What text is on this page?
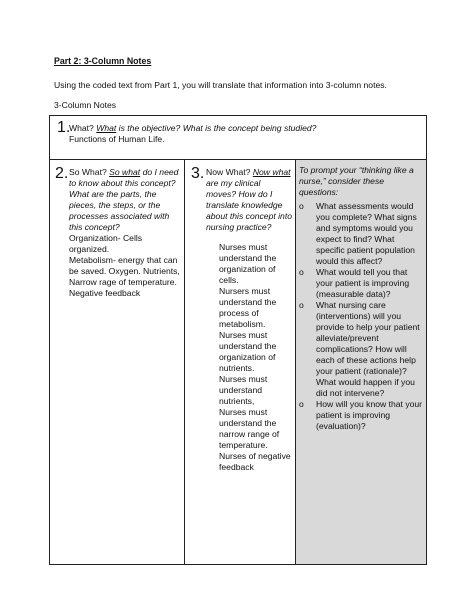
Part 2: 3-Column Notes
Using the coded text from Part 1, you will translate that information into 3-column notes.
3-Column Notes
1.
What? What is the objective? What is the concept being studied?
Functions of Human Life.
2. So What? So what do I need to know about this concept? What are the parts, the pieces, the steps, or the processes associated with this concept?
Organization- Cells organized.
Metabolism- energy that can be saved. Oxygen. Nutrients,
Narrow rage of temperature.
Negative feedback
3. Now What? Now what are my clinical moves? How do I translate knowledge about this concept into nursing practice?
Nurses must understand the organization of cells.
Nursers must understand the process of metabolism.
Nurses must understand the organization of nutrients.
Nurses must understand nutrients,
Nurses must understand the narrow range of temperature.
Nurses of negative feedback
To prompt your “thinking like a nurse,” consider these questions:
o What assessments would you complete? What signs and symptoms would you expect to find? What specific patient population would this affect?
o What would tell you that your patient is improving (measurable data)?
o What nursing care (interventions) will you provide to help your patient alleviate/prevent complications? How will each of these actions help your patient (rationale)? What would happen if you did not intervene?
o How will you know that your patient is improving (evaluation)?
